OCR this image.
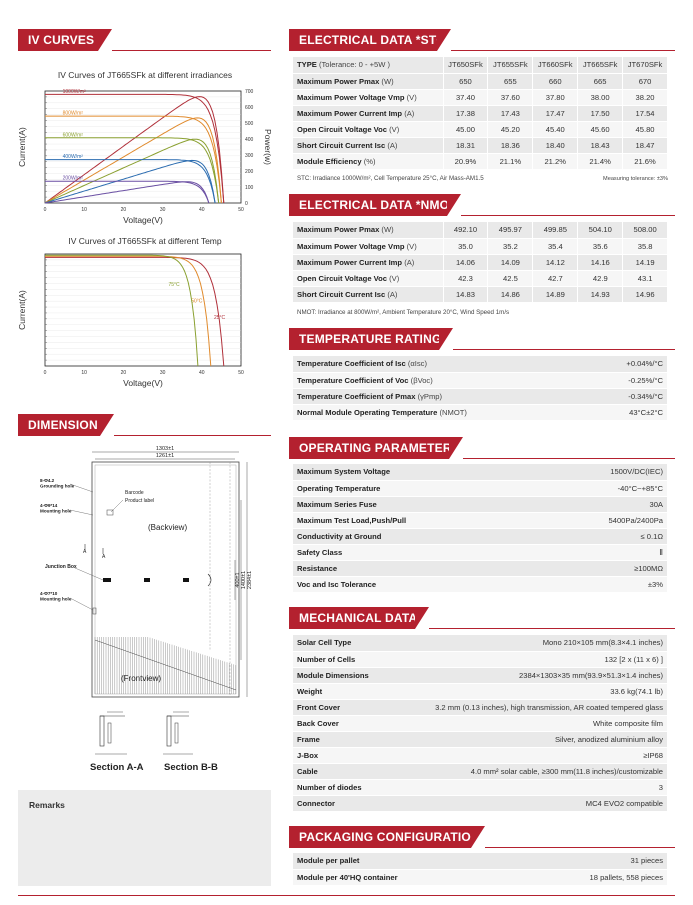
IV CURVES
IV Curves of JT665SFk at different irradiances
0	10	20	30	40	50
Voltage(V)
Current(A)
0
100
200
300
400
500
600
700
Power(w)
1000W/m²
800W/m²
600W/m²
400W/m²
200W/m²
IV Curves of JT665SFk at different Temp
0	10	20	30	40	50
Voltage(V)
Current(A)	25°C
50°C
75°C
DIMENSION
1303±1
1261±1
2384±1
1400±1
400±1
8-Φ4.2 Grounding hole
4-Φ9*14 Mounting hole
Barcode
Product label
(Backview)
A
A
Junction Box
4-Φ7*10 Mounting hole
(Frontview)
Section A-A Section B-B
Remarks
ELECTRICAL DATA *STC
TYPE (Tolerance: 0 - +5W )	JT650SFk	JT655SFk	JT660SFk	JT665SFk	JT670SFk
Maximum Power Pmax (W)	650	655	660	665	670
Maximum Power Voltage Vmp (V)	37.40	37.60	37.80	38.00	38.20
Maximum Power Current Imp (A)	17.38	17.43	17.47	17.50	17.54
Open Circuit Voltage Voc (V)	45.00	45.20	45.40	45.60	45.80
Short Circuit Current Isc (A)	18.31	18.36	18.40	18.43	18.47
Module Efficiency (%)	20.9%	21.1%	21.2%	21.4%	21.6%
STC: Irradiance 1000W/m², Cell Temperature 25°C, Air Mass-AM1.5	Measuring tolerance: ±3%
ELECTRICAL DATA *NMOT
Maximum Power Pmax (W)	492.10	495.97	499.85	504.10	508.00
Maximum Power Voltage Vmp (V)	35.0	35.2	35.4	35.6	35.8
Maximum Power Current Imp (A)	14.06	14.09	14.12	14.16	14.19
Open Circuit Voltage Voc (V)	42.3	42.5	42.7	42.9	43.1
Short Circuit Current Isc (A)	14.83	14.86	14.89	14.93	14.96
NMOT: Irradiance at 800W/m², Ambient Temperature 20°C, Wind Speed 1m/s
TEMPERATURE RATINGS
Temperature Coefficient of Isc (αIsc)	+0.04%/°C
Temperature Coefficient of Voc (βVoc)	-0.25%/°C
Temperature Coefficient of Pmax (γPmp)	-0.34%/°C
Normal Module Operating Temperature (NMOT)	43°C±2°C
OPERATING PARAMETERS
Maximum System Voltage	1500V/DC(IEC)
Operating Temperature	-40°C~+85°C
Maximum Series Fuse	30A
Maximum Test Load,Push/Pull	5400Pa/2400Pa
Conductivity at Ground	≤ 0.1Ω
Safety Class	Ⅱ
Resistance	≥100MΩ
Voc and Isc Tolerance	±3%
MECHANICAL DATA
Solar Cell Type	Mono 210×105 mm(8.3×4.1 inches)
Number of Cells	132 [2 x (11 x 6) ]
Module Dimensions	2384×1303×35 mm(93.9×51.3×1.4 inches)
Weight	33.6 kg(74.1 lb)
Front Cover	3.2 mm (0.13 inches), high transmission, AR coated tempered glass
Back Cover	White composite film
Frame	Silver, anodized aluminium alloy
J-Box	≥IP68
Cable	4.0 mm² solar cable, ≥300 mm(11.8 inches)/customizable
Number of diodes	3
Connector	MC4 EVO2 compatible
PACKAGING CONFIGURATION
Module per pallet	31 pieces
Module per 40'HQ container	18 pallets, 558 pieces
